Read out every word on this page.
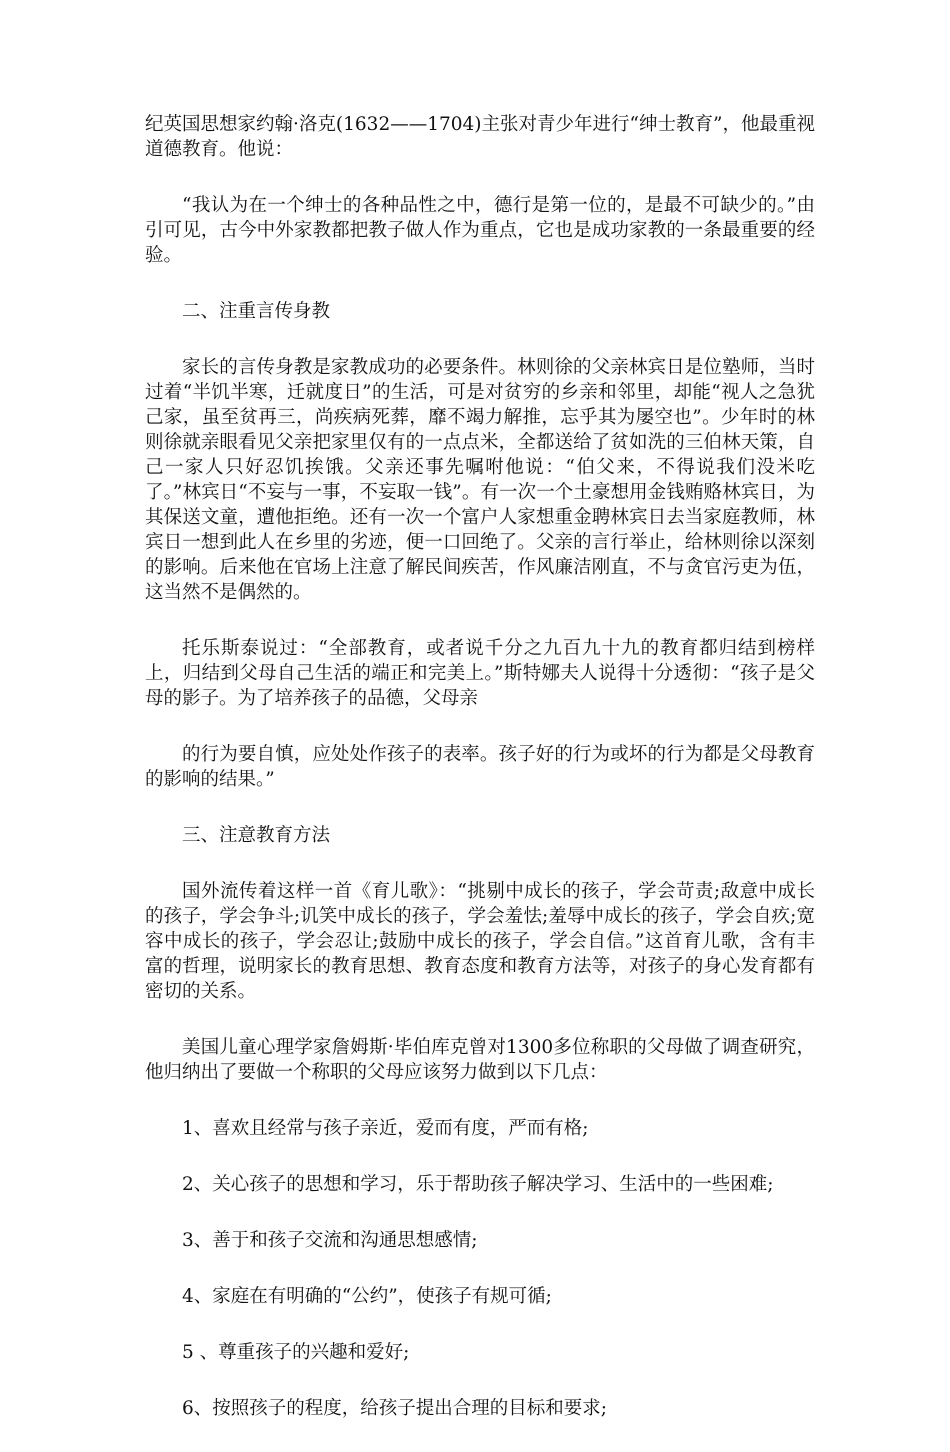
纪英国思想家约翰·洛克(1632——1704)主张对青少年进行“绅士教育”，他最重视道德教育。他说：

“我认为在一个绅士的各种品性之中，德行是第一位的，是最不可缺少的。”由引可见，古今中外家教都把教子做人作为重点，它也是成功家教的一条最重要的经验。

二、注重言传身教

家长的言传身教是家教成功的必要条件。林则徐的父亲林宾日是位塾师，当时过着“半饥半寒，迁就度日”的生活，可是对贫穷的乡亲和邻里，却能“视人之急犹己家，虽至贫再三，尚疾病死葬，靡不竭力解推，忘乎其为屡空也”。少年时的林则徐就亲眼看见父亲把家里仅有的一点点米，全都送给了贫如洗的三伯林天策，自己一家人只好忍饥挨饿。父亲还事先嘱咐他说：“伯父来，不得说我们没米吃了。”林宾日“不妄与一事，不妄取一钱”。有一次一个土豪想用金钱贿赂林宾日，为其保送文童，遭他拒绝。还有一次一个富户人家想重金聘林宾日去当家庭教师，林宾日一想到此人在乡里的劣迹，便一口回绝了。父亲的言行举止，给林则徐以深刻的影响。后来他在官场上注意了解民间疾苦，作风廉洁刚直，不与贪官污吏为伍，这当然不是偶然的。

托乐斯泰说过：“全部教育，或者说千分之九百九十九的教育都归结到榜样上，归结到父母自己生活的端正和完美上。”斯特娜夫人说得十分透彻：“孩子是父母的影子。为了培养孩子的品德，父母亲

的行为要自慎，应处处作孩子的表率。孩子好的行为或坏的行为都是父母教育的影响的结果。”

三、注意教育方法

国外流传着这样一首《育儿歌》：“挑剔中成长的孩子，学会苛责;敌意中成长的孩子，学会争斗;讥笑中成长的孩子，学会羞怯;羞辱中成长的孩子，学会自疚;宽容中成长的孩子，学会忍让;鼓励中成长的孩子，学会自信。”这首育儿歌，含有丰富的哲理，说明家长的教育思想、教育态度和教育方法等，对孩子的身心发育都有密切的关系。

美国儿童心理学家詹姆斯·毕伯库克曾对1300多位称职的父母做了调查研究，他归纳出了要做一个称职的父母应该努力做到以下几点：

1、喜欢且经常与孩子亲近，爱而有度，严而有格;

2、关心孩子的思想和学习，乐于帮助孩子解决学习、生活中的一些困难;

3、善于和孩子交流和沟通思想感情;

4、家庭在有明确的“公约”，使孩子有规可循;

5 、尊重孩子的兴趣和爱好;

6、按照孩子的程度，给孩子提出合理的目标和要求;
